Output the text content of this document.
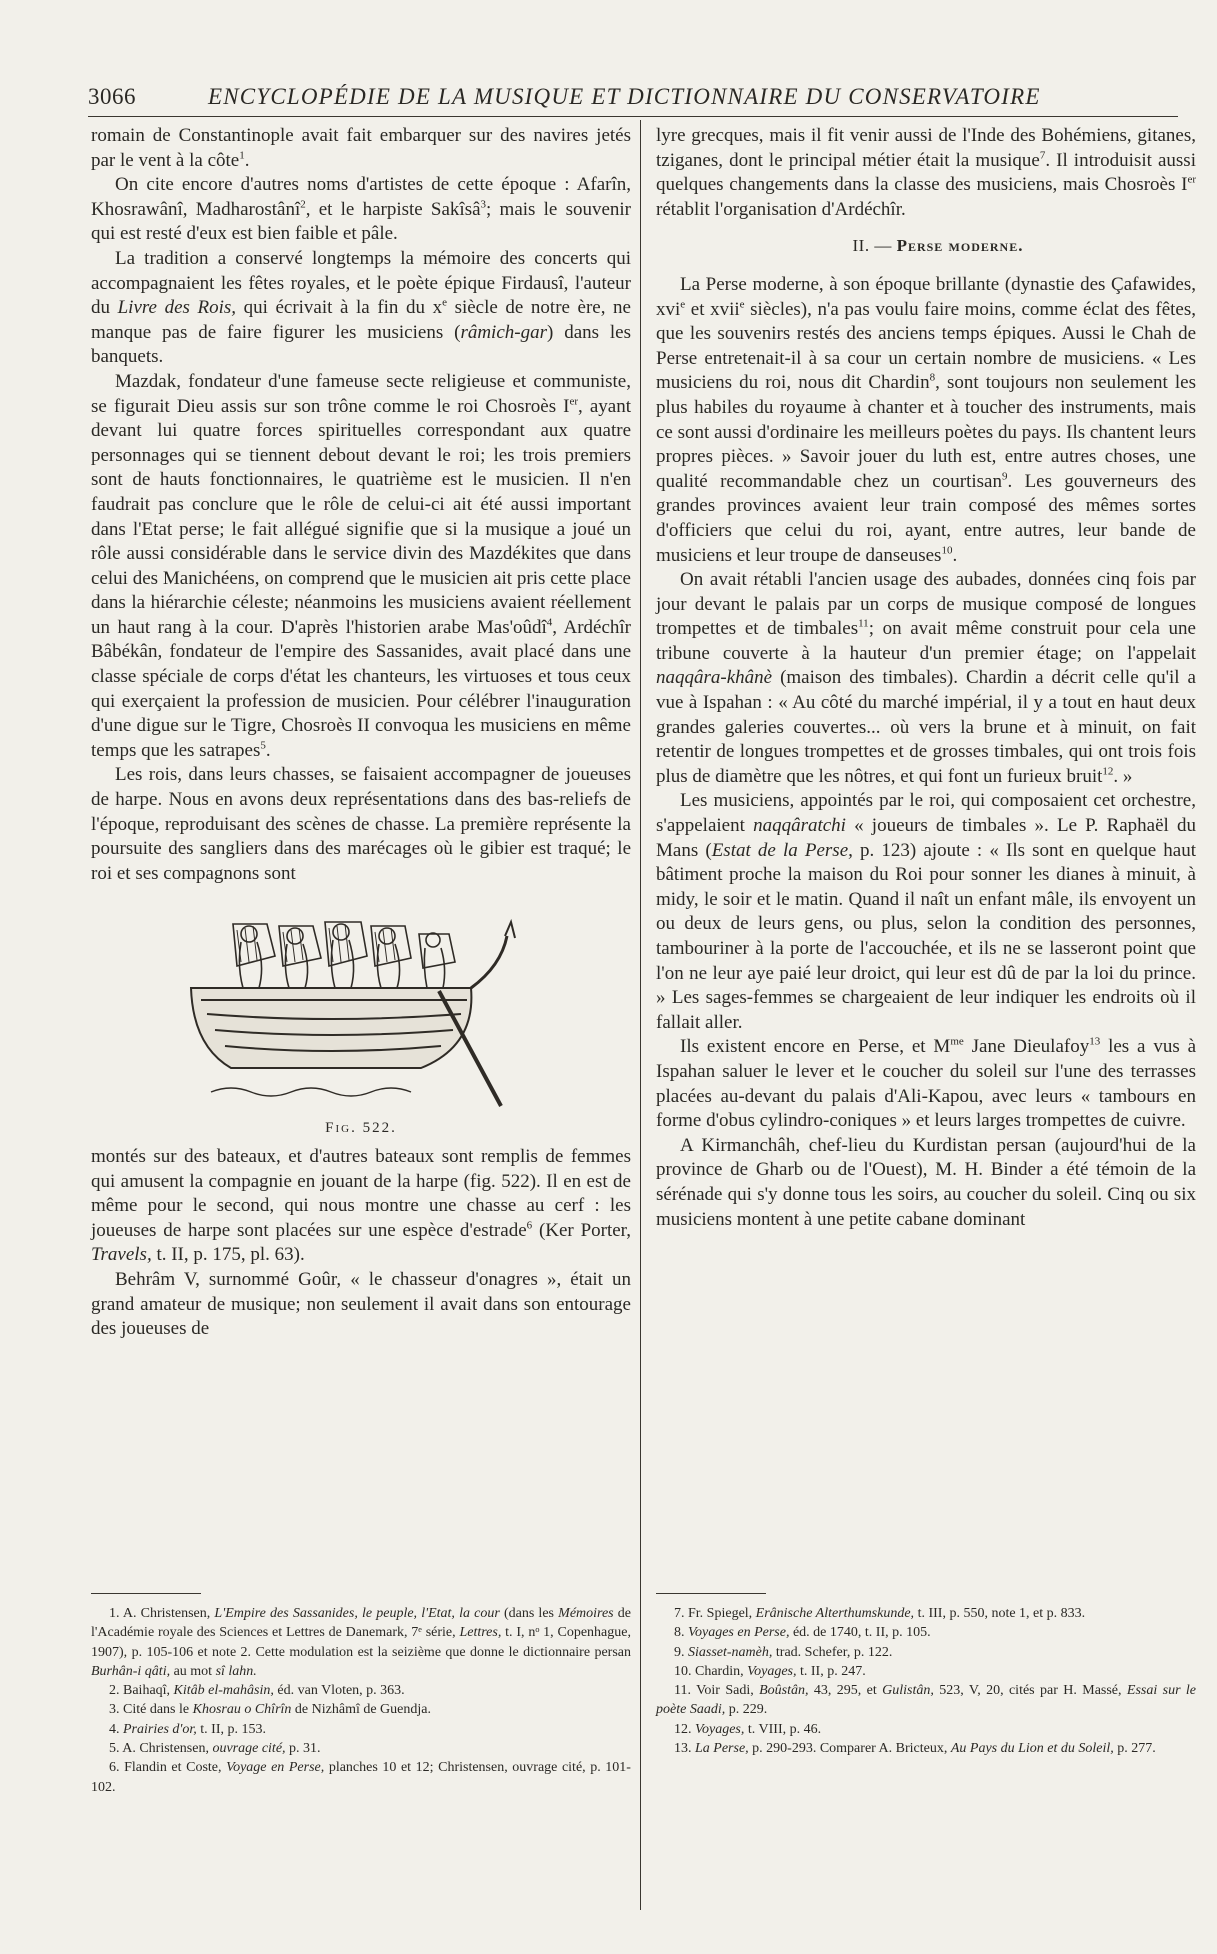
3066	ENCYCLOPÉDIE DE LA MUSIQUE ET DICTIONNAIRE DU CONSERVATOIRE

romain de Constantinople avait fait embarquer sur des navires jetés par le vent à la côte$^1$.

On cite encore d'autres noms d'artistes de cette époque : Afarîn, Khosrawânî, Madharostânî$^2$, et le harpiste Sakîsâ$^3$; mais le souvenir qui est resté d'eux est bien faible et pâle.

La tradition a conservé longtemps la mémoire des concerts qui accompagnaient les fêtes royales, et le poète épique Firdausî, l'auteur du Livre des Rois, qui écrivait à la fin du $x^e$ siècle de notre ère, ne manque pas de faire figurer les musiciens (râmich-gar) dans les banquets.

Mazdak, fondateur d'une fameuse secte religieuse et communiste, se figurait Dieu assis sur son trône comme le roi Chosroès Ier, ayant devant lui quatre forces spirituelles correspondant aux quatre personnages qui se tiennent debout devant le roi; les trois premiers sont de hauts fonctionnaires, le quatrième est le musicien. Il n'en faudrait pas conclure que le rôle de celui-ci ait été aussi important dans l'Etat perse; le fait allégué signifie que si la musique a joué un rôle aussi considérable dans le service divin des Mazdékites que dans celui des Manichéens, on comprend que le musicien ait pris cette place dans la hiérarchie céleste; néanmoins les musiciens avaient réellement un haut rang à la cour. D'après l'historien arabe Mas'oûdî$^4$, Ardéchîr Bâbékân, fondateur de l'empire des Sassanides, avait placé dans une classe spéciale de corps d'état les chanteurs, les virtuoses et tous ceux qui exerçaient la profession de musicien. Pour célébrer l'inauguration d'une digue sur le Tigre, Chosroès II convoqua les musiciens en même temps que les satrapes$^5$.

Les rois, dans leurs chasses, se faisaient accompagner de joueuses de harpe. Nous en avons deux représentations dans des bas-reliefs de l'époque, reproduisant des scènes de chasse. La première représente la poursuite des sangliers dans des marécages où le gibier est traqué; le roi et ses compagnons sont

Fig. 522.

montés sur des bateaux, et d'autres bateaux sont remplis de femmes qui amusent la compagnie en jouant de la harpe (fig. 522). Il en est de même pour le second, qui nous montre une chasse au cerf : les joueuses de harpe sont placées sur une espèce d'estrade$^6$ (Ker Porter, Travels, t. II, p. 175, pl. 63).

Behrâm V, surnommé Goûr, « le chasseur d'onagres », était un grand amateur de musique; non seulement il avait dans son entourage des joueuses de

lyre grecques, mais il fit venir aussi de l'Inde des Bohémiens, gitanes, tziganes, dont le principal métier était la musique$^7$. Il introduisit aussi quelques changements dans la classe des musiciens, mais Chosroès Ier rétablit l'organisation d'Ardéchîr.

II. — Perse moderne.

La Perse moderne, à son époque brillante (dynastie des Çafawides, xvi$^e$ et xvii$^e$ siècles), n'a pas voulu faire moins, comme éclat des fêtes, que les souvenirs restés des anciens temps épiques. Aussi le Chah de Perse entretenait-il à sa cour un certain nombre de musiciens. « Les musiciens du roi, nous dit Chardin$^8$, sont toujours non seulement les plus habiles du royaume à chanter et à toucher des instruments, mais ce sont aussi d'ordinaire les meilleurs poètes du pays. Ils chantent leurs propres pièces. » Savoir jouer du luth est, entre autres choses, une qualité recommandable chez un courtisan$^9$. Les gouverneurs des grandes provinces avaient leur train composé des mêmes sortes d'officiers que celui du roi, ayant, entre autres, leur bande de musiciens et leur troupe de danseuses$^{10}$.

On avait rétabli l'ancien usage des aubades, données cinq fois par jour devant le palais par un corps de musique composé de longues trompettes et de timbales$^{11}$; on avait même construit pour cela une tribune couverte à la hauteur d'un premier étage; on l'appelait naqqâra-khânè (maison des timbales). Chardin a décrit celle qu'il a vue à Ispahan : « Au côté du marché impérial, il y a tout en haut deux grandes galeries couvertes... où vers la brune et à minuit, on fait retentir de longues trompettes et de grosses timbales, qui ont trois fois plus de diamètre que les nôtres, et qui font un furieux bruit$^{12}$. »

Les musiciens, appointés par le roi, qui composaient cet orchestre, s'appelaient naqqâratchi « joueurs de timbales ». Le P. Raphaël du Mans (Estat de la Perse, p. 123) ajoute : « Ils sont en quelque haut bâtiment proche la maison du Roi pour sonner les dianes à minuit, à midy, le soir et le matin. Quand il naît un enfant mâle, ils envoyent un ou deux de leurs gens, ou plus, selon la condition des personnes, tambouriner à la porte de l'accouchée, et ils ne se lasseront point que l'on ne leur aye paié leur droict, qui leur est dû de par la loi du prince. » Les sages-femmes se chargeaient de leur indiquer les endroits où il fallait aller.

Ils existent encore en Perse, et $M^{me}$ Jane Dieulafoy$^{13}$ les a vus à Ispahan saluer le lever et le coucher du soleil sur l'une des terrasses placées au-devant du palais d'Ali-Kapou, avec leurs « tambours en forme d'obus cylindro-coniques » et leurs larges trompettes de cuivre.

A Kirmanchâh, chef-lieu du Kurdistan persan (aujourd'hui de la province de Gharb ou de l'Ouest), M. H. Binder a été témoin de la sérénade qui s'y donne tous les soirs, au coucher du soleil. Cinq ou six musiciens montent à une petite cabane dominant

1. A. Christensen, L'Empire des Sassanides, le peuple, l'Etat, la cour (dans les Mémoires de l'Académie royale des Sciences et Lettres de Danemark, 7ᵉ série, Lettres, t. I, nᵒ 1, Copenhague, 1907), p. 105-106 et note 2. Cette modulation est la seizième que donne le dictionnaire persan Burhân-i qâti, au mot sî lahn.

2. Baihaqî, Kitâb el-mahâsin, éd. van Vloten, p. 363.

3. Cité dans le Khosrau o Chîrîn de Nizhâmî de Guendja.

4. Prairies d'or, t. II, p. 153.

5. A. Christensen, ouvrage cité, p. 31.

6. Flandin et Coste, Voyage en Perse, planches 10 et 12; Christensen, ouvrage cité, p. 101-102.

7. Fr. Spiegel, Erânische Alterthumskunde, t. III, p. 550, note 1, et p. 833.

8. Voyages en Perse, éd. de 1740, t. II, p. 105.

9. Siasset-namèh, trad. Schefer, p. 122.

10. Chardin, Voyages, t. II, p. 247.

11. Voir Sadi, Boûstân, 43, 295, et Gulistân, 523, V, 20, cités par H. Massé, Essai sur le poète Saadi, p. 229.

12. Voyages, t. VIII, p. 46.

13. La Perse, p. 290-293. Comparer A. Bricteux, Au Pays du Lion et du Soleil, p. 277.
